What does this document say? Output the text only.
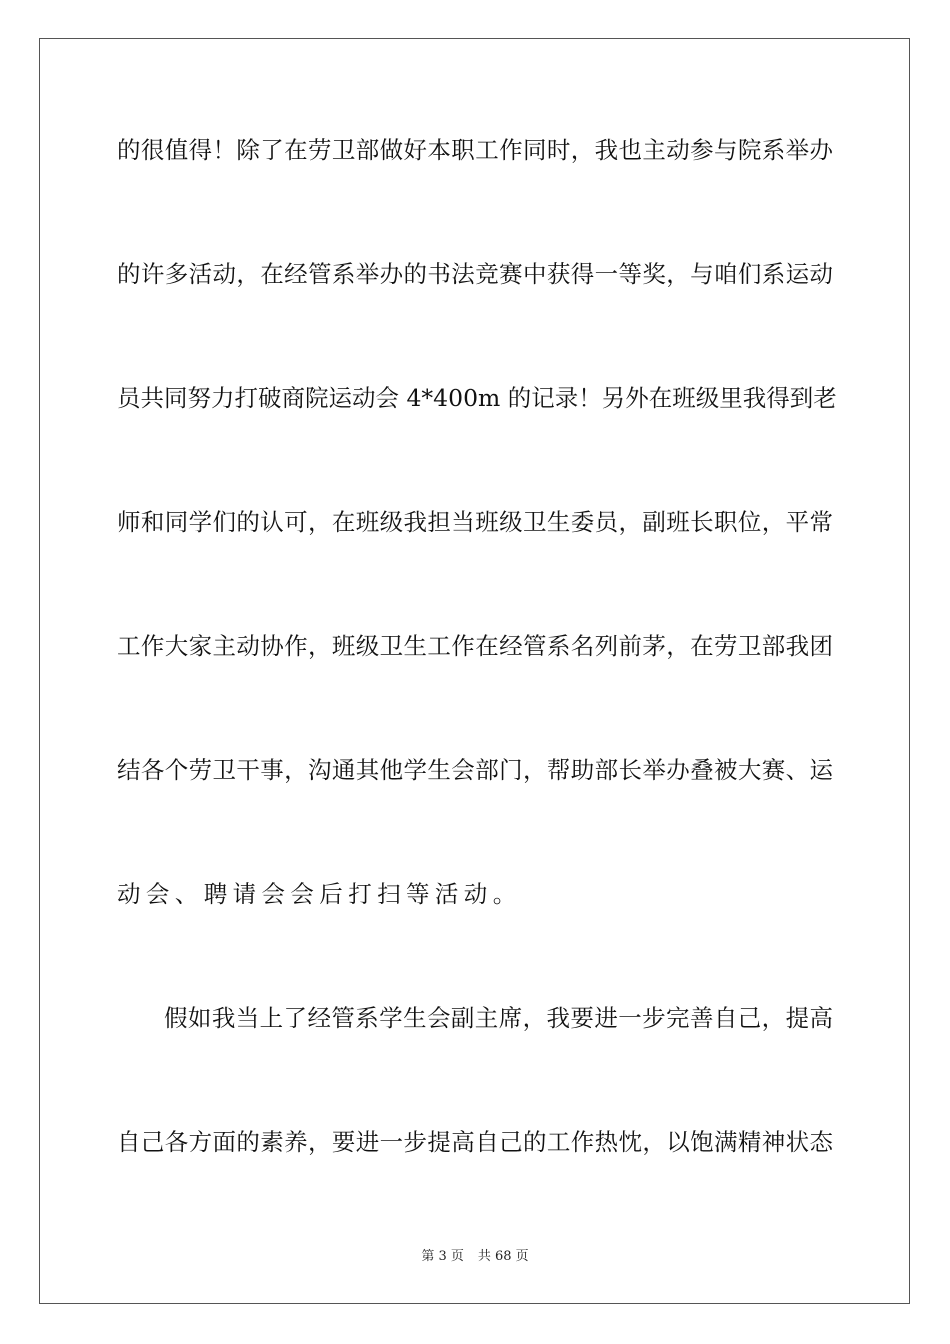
的很值得！除了在劳卫部做好本职工作同时，我也主动参与院系举办
的许多活动，在经管系举办的书法竞赛中获得一等奖，与咱们系运动
员共同努力打破商院运动会 4*400m 的记录！另外在班级里我得到老
师和同学们的认可，在班级我担当班级卫生委员，副班长职位，平常
工作大家主动协作，班级卫生工作在经管系名列前茅，在劳卫部我团
结各个劳卫干事，沟通其他学生会部门，帮助部长举办叠被大赛、运
动会、聘请会会后打扫等活动。
假如我当上了经管系学生会副主席，我要进一步完善自己，提高
自己各方面的素养，要进一步提高自己的工作热忱，以饱满精神状态
第 3 页 共 68 页
